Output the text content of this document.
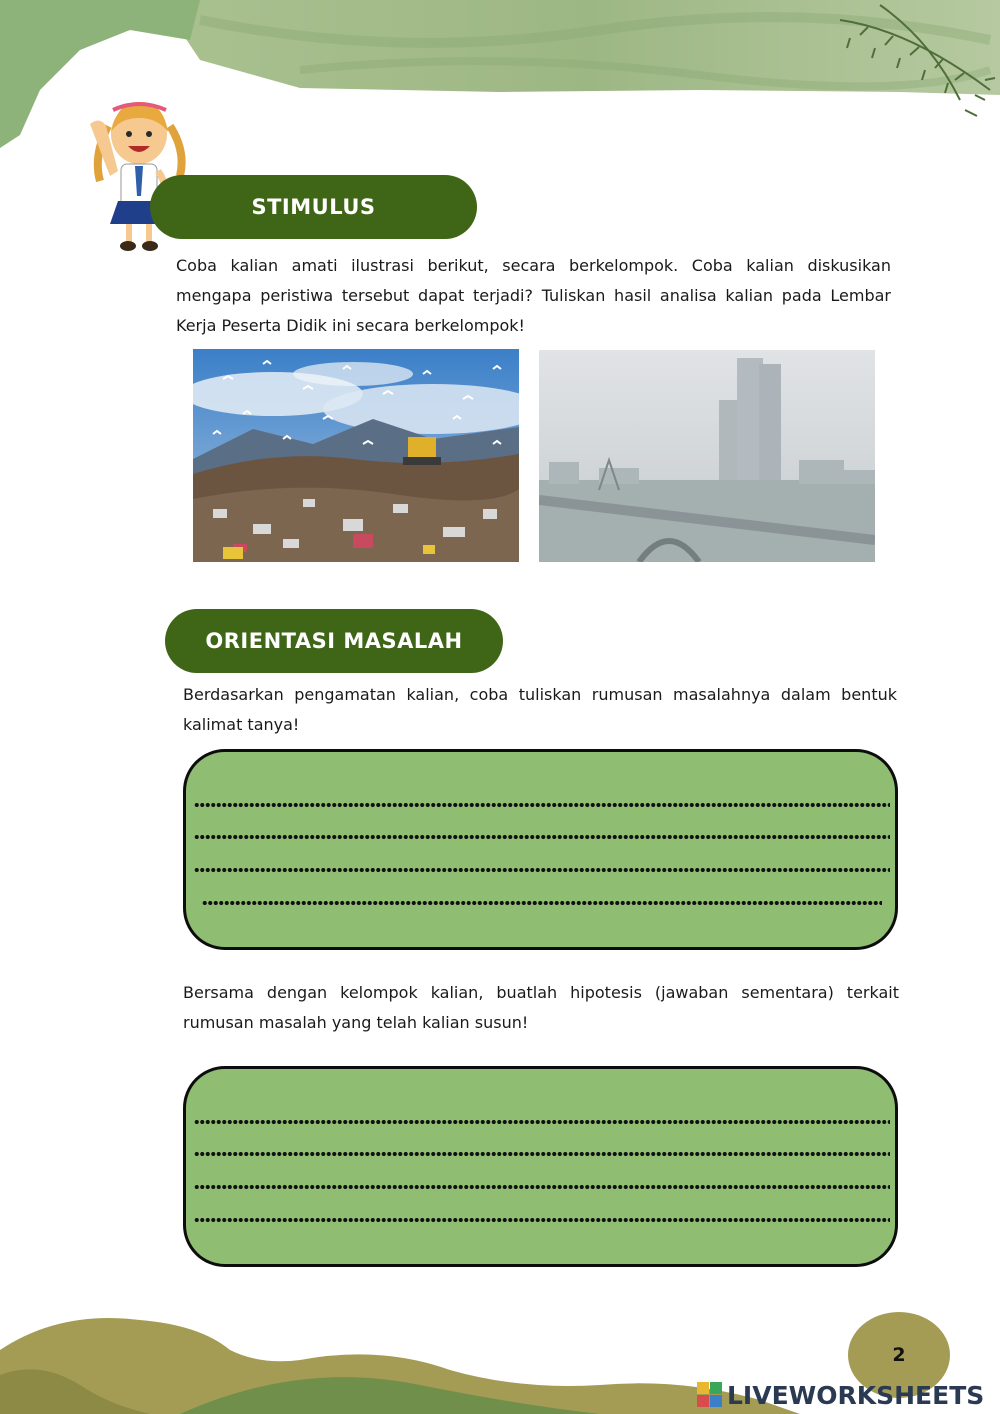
STIMULUS
Coba kalian amati ilustrasi berikut, secara berkelompok. Coba kalian diskusikan mengapa peristiwa tersebut dapat terjadi? Tuliskan hasil analisa kalian pada Lembar Kerja Peserta Didik ini secara berkelompok!
ORIENTASI MASALAH
Berdasarkan pengamatan kalian, coba tuliskan rumusan masalahnya dalam bentuk kalimat tanya!
Bersama dengan kelompok kalian, buatlah hipotesis (jawaban sementara) terkait rumusan masalah yang telah kalian susun!
2
LIVEWORKSHEETS
